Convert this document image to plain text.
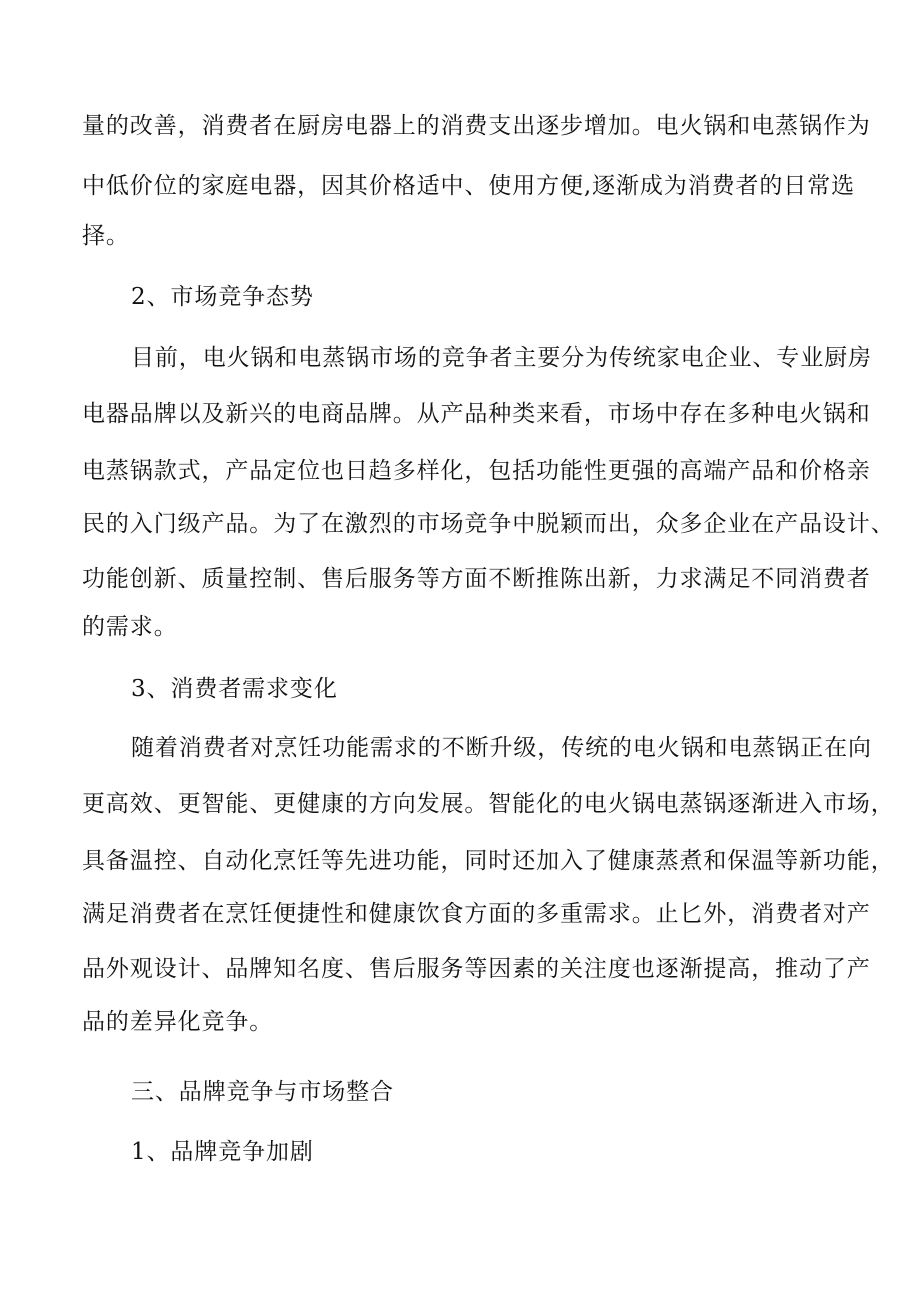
量的改善，消费者在厨房电器上的消费支出逐步增加。电火锅和电蒸锅作为
中低价位的家庭电器，因其价格适中、使用方便,逐渐成为消费者的日常选
择。
2、市场竞争态势
目前，电火锅和电蒸锅市场的竞争者主要分为传统家电企业、专业厨房
电器品牌以及新兴的电商品牌。从产品种类来看，市场中存在多种电火锅和
电蒸锅款式，产品定位也日趋多样化，包括功能性更强的高端产品和价格亲
民的入门级产品。为了在激烈的市场竞争中脱颖而出，众多企业在产品设计、
功能创新、质量控制、售后服务等方面不断推陈出新，力求满足不同消费者
的需求。
3、消费者需求变化
随着消费者对烹饪功能需求的不断升级，传统的电火锅和电蒸锅正在向
更高效、更智能、更健康的方向发展。智能化的电火锅电蒸锅逐渐进入市场，
具备温控、自动化烹饪等先进功能，同时还加入了健康蒸煮和保温等新功能，
满足消费者在烹饪便捷性和健康饮食方面的多重需求。止匕外，消费者对产
品外观设计、品牌知名度、售后服务等因素的关注度也逐渐提高，推动了产
品的差异化竞争。
三、品牌竞争与市场整合
1、品牌竞争加剧
